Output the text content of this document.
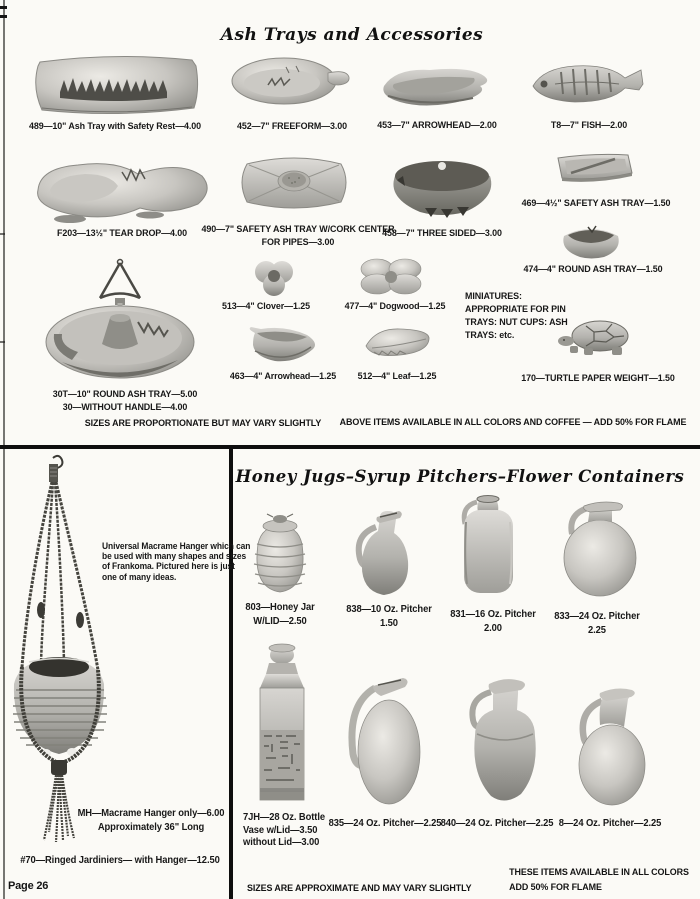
Ash Trays and Accessories
489—10" Ash Tray with Safety Rest—4.00	452—7" FREEFORM—3.00	453—7" ARROWHEAD—2.00	T8—7" FISH—2.00
F203—13½" TEAR DROP—4.00 490—7" SAFETY ASH TRAY W/CORK CENTER
FOR PIPES—3.00
458—7" THREE SIDED—3.00
469—4½" SAFETY ASH TRAY—1.50
474—4" ROUND ASH TRAY—1.50
30T—10" ROUND ASH TRAY—5.00
30—WITHOUT HANDLE—4.00
513—4" Clover—1.25	477—4" Dogwood—1.25
463—4" Arrowhead—1.25 512—4" Leaf—1.25	170—TURTLE PAPER WEIGHT—1.50
MINIATURES:
APPROPRIATE FOR PIN
TRAYS: NUT CUPS: ASH
TRAYS: etc.
SIZES ARE PROPORTIONATE BUT MAY VARY SLIGHTLY ABOVE ITEMS AVAILABLE IN ALL COLORS AND COFFEE — ADD 50% FOR FLAME
Universal Macrame Hanger which can
be used with many shapes and sizes
of Frankoma. Pictured here is just
one of many ideas.
MH—Macrame Hanger only—6.00
Approximately 36" Long
#70—Ringed Jardiniers— with Hanger—12.50
Page 26
Honey Jugs–Syrup Pitchers–Flower Containers
803—Honey Jar
W/LID—2.50
838—10 Oz. Pitcher
1.50
831—16 Oz. Pitcher
2.00
833—24 Oz. Pitcher
2.25
7JH—28 Oz. Bottle
Vase w/Lid—3.50
without Lid—3.00
835—24 Oz. Pitcher—2.25 840—24 Oz. Pitcher—2.25 8—24 Oz. Pitcher—2.25
THESE ITEMS AVAILABLE IN ALL COLORS
ADD 50% FOR FLAME
SIZES ARE APPROXIMATE AND MAY VARY SLIGHTLY
